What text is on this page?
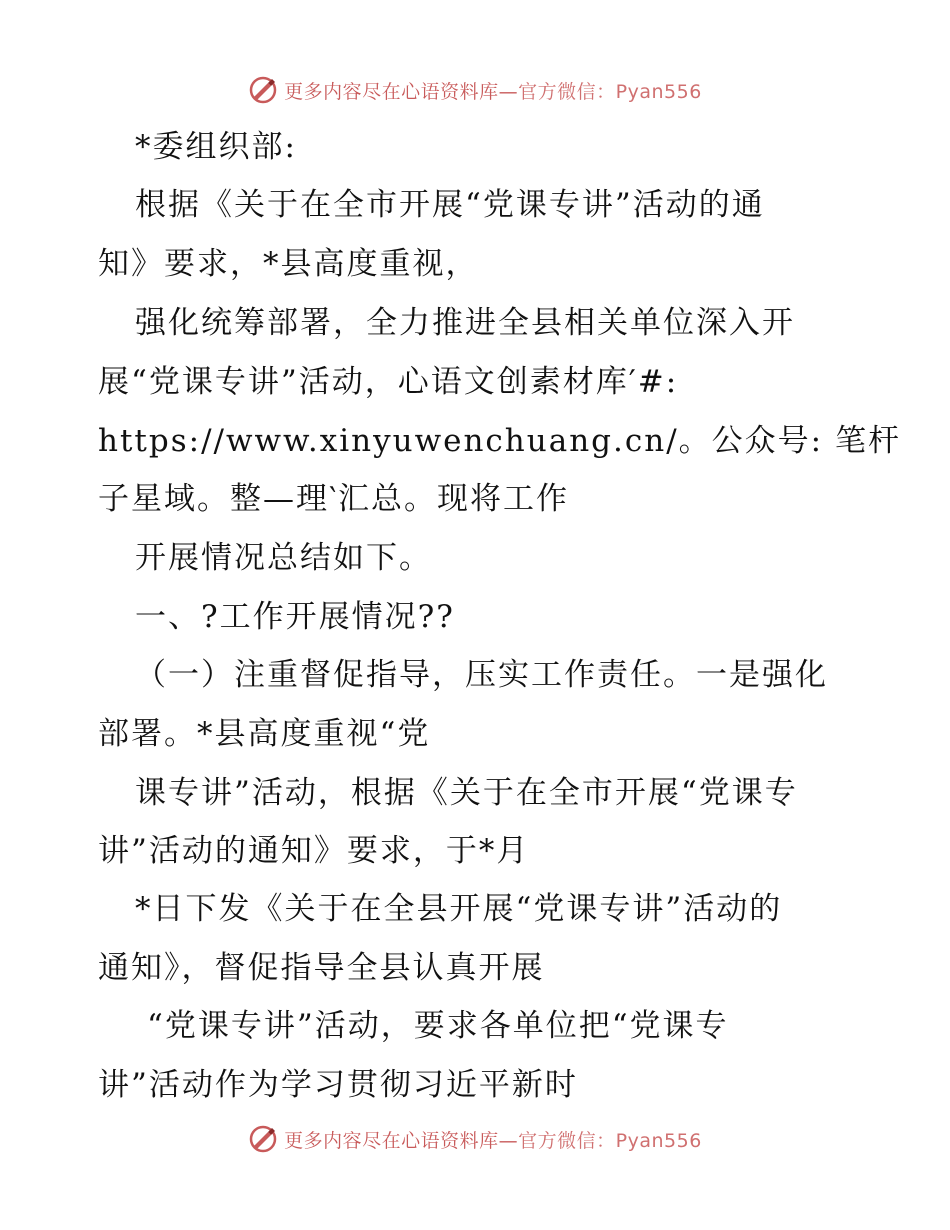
更多内容尽在心语资料库— 官方微信：Pyan556
*委组织部:
根据《关于在全市开展“党课专讲”活动的通
知》要求，*县高度重视，
强化统筹部署，全力推进全县相关单位深入开
展“党课专讲”活动，心语文创素材库′#:
https://www.xinyuwenchuang.cn/。公众号: 笔杆
子星域。整—理‵汇总。现将工作
开展情况总结如下。
一、?工作开展情况??
（一）注重督促指导，压实工作责任。一是强化
部署。*县高度重视“党
课专讲”活动，根据《关于在全市开展“党课专
讲”活动的通知》要求，于*月
*日下发《关于在全县开展“党课专讲”活动的
通知》，督促指导全县认真开展
“党课专讲”活动，要求各单位把“党课专
讲”活动作为学习贯彻习近平新时
更多内容尽在心语资料库— 官方微信：Pyan556
